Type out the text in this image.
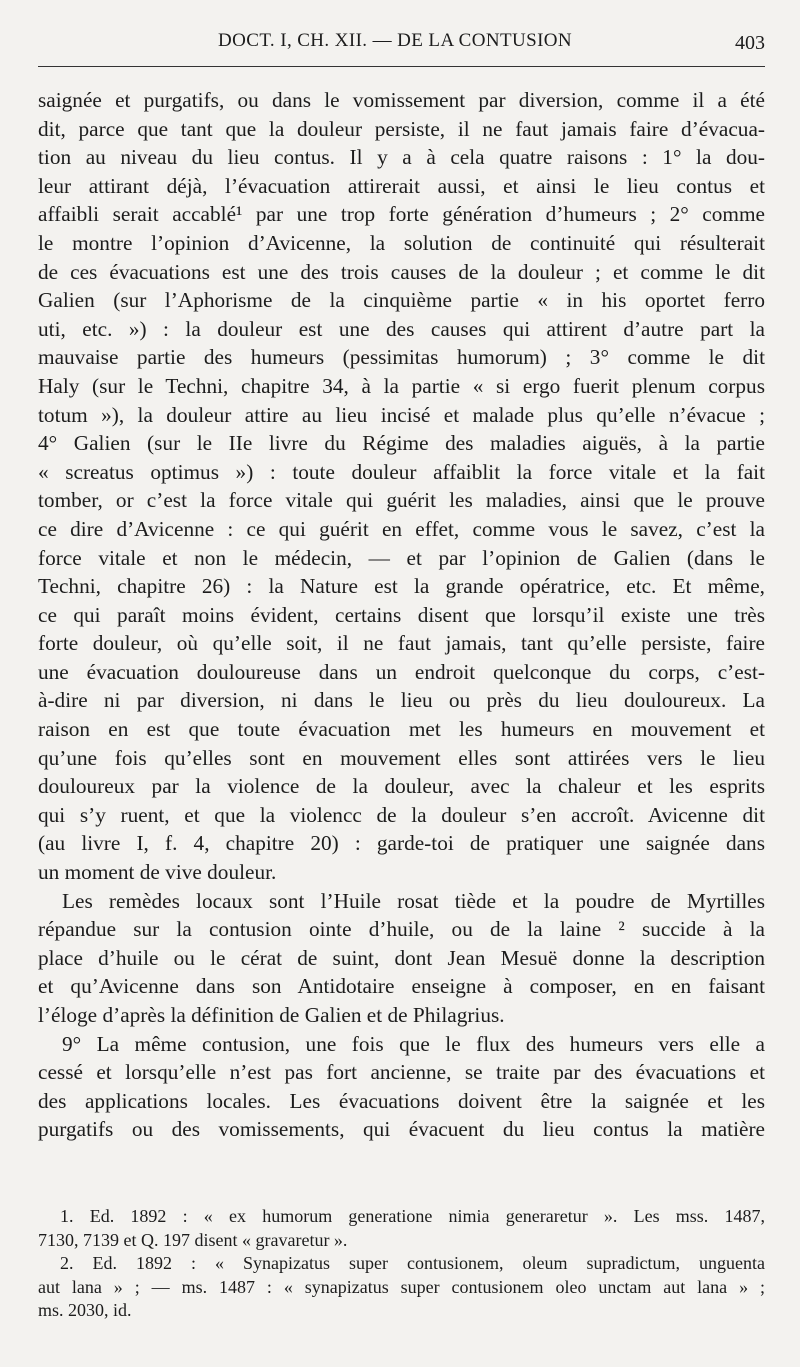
DOCT. I, CH. XII. — DE LA CONTUSION	403
saignée et purgatifs, ou dans le vomissement par diversion, comme il a été
dit, parce que tant que la douleur persiste, il ne faut jamais faire d’évacua-
tion au niveau du lieu contus. Il y a à cela quatre raisons : 1° la dou-
leur attirant déjà, l’évacuation attirerait aussi, et ainsi le lieu contus et
affaibli serait accablé¹ par une trop forte génération d’humeurs ; 2° comme
le montre l’opinion d’Avicenne, la solution de continuité qui résulterait
de ces évacuations est une des trois causes de la douleur ; et comme le dit
Galien (sur l’Aphorisme de la cinquième partie « in his oportet ferro
uti, etc. ») : la douleur est une des causes qui attirent d’autre part la
mauvaise partie des humeurs (pessimitas humorum) ; 3° comme le dit
Haly (sur le Techni, chapitre 34, à la partie « si ergo fuerit plenum corpus
totum »), la douleur attire au lieu incisé et malade plus qu’elle n’évacue ;
4° Galien (sur le IIe livre du Régime des maladies aiguës, à la partie
« screatus optimus ») : toute douleur affaiblit la force vitale et la fait
tomber, or c’est la force vitale qui guérit les maladies, ainsi que le prouve
ce dire d’Avicenne : ce qui guérit en effet, comme vous le savez, c’est la
force vitale et non le médecin, — et par l’opinion de Galien (dans le
Techni, chapitre 26) : la Nature est la grande opératrice, etc. Et même,
ce qui paraît moins évident, certains disent que lorsqu’il existe une très
forte douleur, où qu’elle soit, il ne faut jamais, tant qu’elle persiste, faire
une évacuation douloureuse dans un endroit quelconque du corps, c’est-
à-dire ni par diversion, ni dans le lieu ou près du lieu douloureux. La
raison en est que toute évacuation met les humeurs en mouvement et
qu’une fois qu’elles sont en mouvement elles sont attirées vers le lieu
douloureux par la violence de la douleur, avec la chaleur et les esprits
qui s’y ruent, et que la violencc de la douleur s’en accroît. Avicenne dit
(au livre I, f. 4, chapitre 20) : garde-toi de pratiquer une saignée dans
un moment de vive douleur.
Les remèdes locaux sont l’Huile rosat tiède et la poudre de Myrtilles
répandue sur la contusion ointe d’huile, ou de la laine ² succide à la
place d’huile ou le cérat de suint, dont Jean Mesuë donne la description
et qu’Avicenne dans son Antidotaire enseigne à composer, en en faisant
l’éloge d’après la définition de Galien et de Philagrius.
9° La même contusion, une fois que le flux des humeurs vers elle a
cessé et lorsqu’elle n’est pas fort ancienne, se traite par des évacuations et
des applications locales. Les évacuations doivent être la saignée et les
purgatifs ou des vomissements, qui évacuent du lieu contus la matière
1. Ed. 1892 : « ex humorum generatione nimia generaretur ». Les mss. 1487,
7130, 7139 et Q. 197 disent « gravaretur ».
2. Ed. 1892 : « Synapizatus super contusionem, oleum supradictum, unguenta
aut lana » ; — ms. 1487 : « synapizatus super contusionem oleo unctam aut lana » ;
ms. 2030, id.
